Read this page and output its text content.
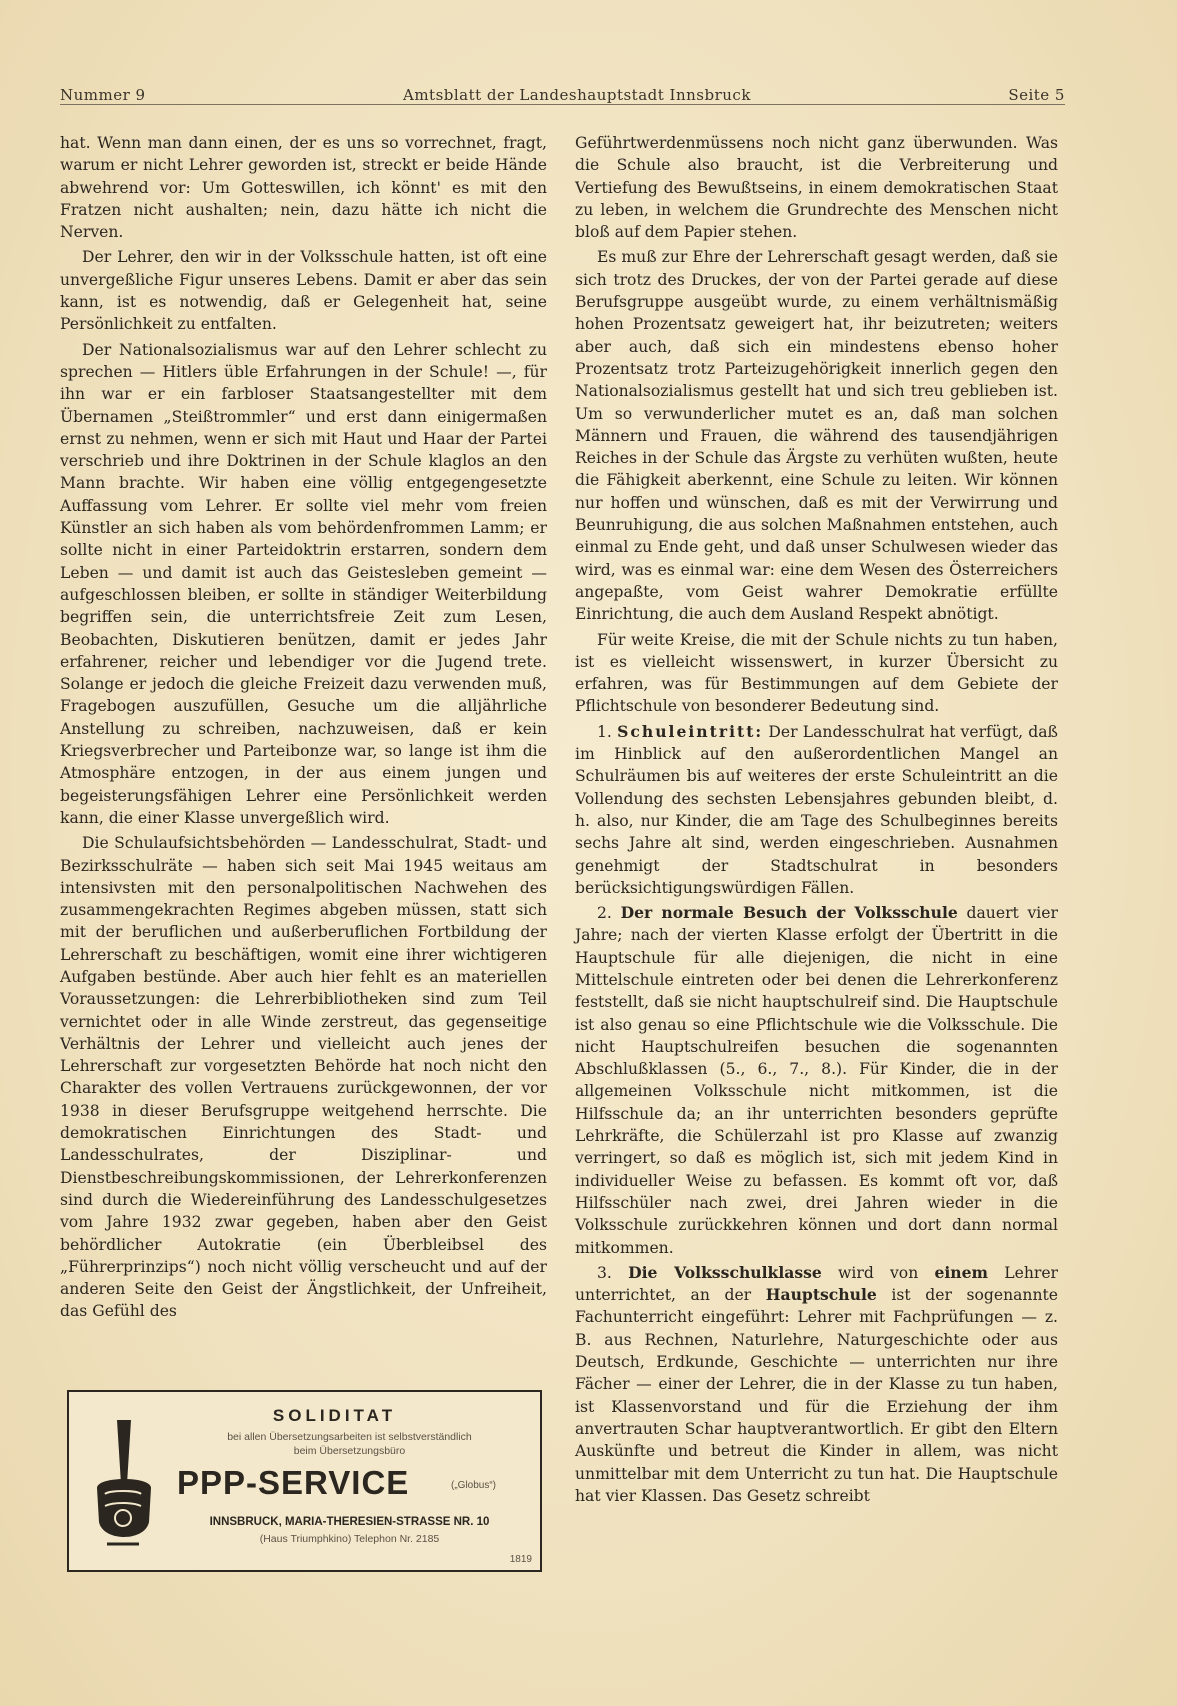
Nummer 9	Amtsblatt der Landeshauptstadt Innsbruck	Seite 5

hat. Wenn man dann einen, der es uns so vorrechnet, fragt, warum er nicht Lehrer geworden ist, streckt er beide Hände abwehrend vor: Um Gotteswillen, ich könnt' es mit den Fratzen nicht aushalten; nein, dazu hätte ich nicht die Nerven.

Der Lehrer, den wir in der Volksschule hatten, ist oft eine unvergeßliche Figur unseres Lebens. Damit er aber das sein kann, ist es notwendig, daß er Gelegenheit hat, seine Persönlichkeit zu entfalten.

Der Nationalsozialismus war auf den Lehrer schlecht zu sprechen — Hitlers üble Erfahrungen in der Schule! —, für ihn war er ein farbloser Staatsangestellter mit dem Übernamen „Steißtrommler“ und erst dann einigermaßen ernst zu nehmen, wenn er sich mit Haut und Haar der Partei verschrieb und ihre Doktrinen in der Schule klaglos an den Mann brachte. Wir haben eine völlig entgegengesetzte Auffassung vom Lehrer. Er sollte viel mehr vom freien Künstler an sich haben als vom behördenfrommen Lamm; er sollte nicht in einer Parteidoktrin erstarren, sondern dem Leben — und damit ist auch das Geistesleben gemeint — aufgeschlossen bleiben, er sollte in ständiger Weiterbildung begriffen sein, die unterrichtsfreie Zeit zum Lesen, Beobachten, Diskutieren benützen, damit er jedes Jahr erfahrener, reicher und lebendiger vor die Jugend trete. Solange er jedoch die gleiche Freizeit dazu verwenden muß, Fragebogen auszufüllen, Gesuche um die alljährliche Anstellung zu schreiben, nachzuweisen, daß er kein Kriegsverbrecher und Parteibonze war, so lange ist ihm die Atmosphäre entzogen, in der aus einem jungen und begeisterungsfähigen Lehrer eine Persönlichkeit werden kann, die einer Klasse unvergeßlich wird.

Die Schulaufsichtsbehörden — Landesschulrat, Stadt- und Bezirksschulräte — haben sich seit Mai 1945 weitaus am intensivsten mit den personalpolitischen Nachwehen des zusammengekrachten Regimes abgeben müssen, statt sich mit der beruflichen und außerberuflichen Fortbildung der Lehrerschaft zu beschäftigen, womit eine ihrer wichtigeren Aufgaben bestünde. Aber auch hier fehlt es an materiellen Voraussetzungen: die Lehrerbibliotheken sind zum Teil vernichtet oder in alle Winde zerstreut, das gegenseitige Verhältnis der Lehrer und vielleicht auch jenes der Lehrerschaft zur vorgesetzten Behörde hat noch nicht den Charakter des vollen Vertrauens zurückgewonnen, der vor 1938 in dieser Berufsgruppe weitgehend herrschte. Die demokratischen Einrichtungen des Stadt- und Landesschulrates, der Disziplinar- und Dienstbeschreibungskommissionen, der Lehrerkonferenzen sind durch die Wiedereinführung des Landesschulgesetzes vom Jahre 1932 zwar gegeben, haben aber den Geist behördlicher Autokratie (ein Überbleibsel des „Führerprinzips“) noch nicht völlig verscheucht und auf der anderen Seite den Geist der Ängstlichkeit, der Unfreiheit, das Gefühl des

SOLIDITAT
bei allen Übersetzungsarbeiten ist selbstverständlich
beim Übersetzungsbüro
PPP-SERVICE	(„Globus“)
INNSBRUCK, MARIA-THERESIEN-STRASSE NR. 10
(Haus Triumphkino) Telephon Nr. 2185
1819

Geführtwerdenmüssens noch nicht ganz überwunden. Was die Schule also braucht, ist die Verbreiterung und Vertiefung des Bewußtseins, in einem demokratischen Staat zu leben, in welchem die Grundrechte des Menschen nicht bloß auf dem Papier stehen.

Es muß zur Ehre der Lehrerschaft gesagt werden, daß sie sich trotz des Druckes, der von der Partei gerade auf diese Berufsgruppe ausgeübt wurde, zu einem verhältnismäßig hohen Prozentsatz geweigert hat, ihr beizutreten; weiters aber auch, daß sich ein mindestens ebenso hoher Prozentsatz trotz Parteizugehörigkeit innerlich gegen den Nationalsozialismus gestellt hat und sich treu geblieben ist. Um so verwunderlicher mutet es an, daß man solchen Männern und Frauen, die während des tausendjährigen Reiches in der Schule das Ärgste zu verhüten wußten, heute die Fähigkeit aberkennt, eine Schule zu leiten. Wir können nur hoffen und wünschen, daß es mit der Verwirrung und Beunruhigung, die aus solchen Maßnahmen entstehen, auch einmal zu Ende geht, und daß unser Schulwesen wieder das wird, was es einmal war: eine dem Wesen des Österreichers angepaßte, vom Geist wahrer Demokratie erfüllte Einrichtung, die auch dem Ausland Respekt abnötigt.

Für weite Kreise, die mit der Schule nichts zu tun haben, ist es vielleicht wissenswert, in kurzer Übersicht zu erfahren, was für Bestimmungen auf dem Gebiete der Pflichtschule von besonderer Bedeutung sind.

1. Schuleintritt: Der Landesschulrat hat verfügt, daß im Hinblick auf den außerordentlichen Mangel an Schulräumen bis auf weiteres der erste Schuleintritt an die Vollendung des sechsten Lebensjahres gebunden bleibt, d. h. also, nur Kinder, die am Tage des Schulbeginnes bereits sechs Jahre alt sind, werden eingeschrieben. Ausnahmen genehmigt der Stadtschulrat in besonders berücksichtigungswürdigen Fällen.

2. Der normale Besuch der Volksschule dauert vier Jahre; nach der vierten Klasse erfolgt der Übertritt in die Hauptschule für alle diejenigen, die nicht in eine Mittelschule eintreten oder bei denen die Lehrerkonferenz feststellt, daß sie nicht hauptschulreif sind. Die Hauptschule ist also genau so eine Pflichtschule wie die Volksschule. Die nicht Hauptschulreifen besuchen die sogenannten Abschlußklassen (5., 6., 7., 8.). Für Kinder, die in der allgemeinen Volksschule nicht mitkommen, ist die Hilfsschule da; an ihr unterrichten besonders geprüfte Lehrkräfte, die Schülerzahl ist pro Klasse auf zwanzig verringert, so daß es möglich ist, sich mit jedem Kind in individueller Weise zu befassen. Es kommt oft vor, daß Hilfsschüler nach zwei, drei Jahren wieder in die Volksschule zurückkehren können und dort dann normal mitkommen.

3. Die Volksschulklasse wird von einem Lehrer unterrichtet, an der Hauptschule ist der sogenannte Fachunterricht eingeführt: Lehrer mit Fachprüfungen — z. B. aus Rechnen, Naturlehre, Naturgeschichte oder aus Deutsch, Erdkunde, Geschichte — unterrichten nur ihre Fächer — einer der Lehrer, die in der Klasse zu tun haben, ist Klassenvorstand und für die Erziehung der ihm anvertrauten Schar hauptverantwortlich. Er gibt den Eltern Auskünfte und betreut die Kinder in allem, was nicht unmittelbar mit dem Unterricht zu tun hat. Die Hauptschule hat vier Klassen. Das Gesetz schreibt
